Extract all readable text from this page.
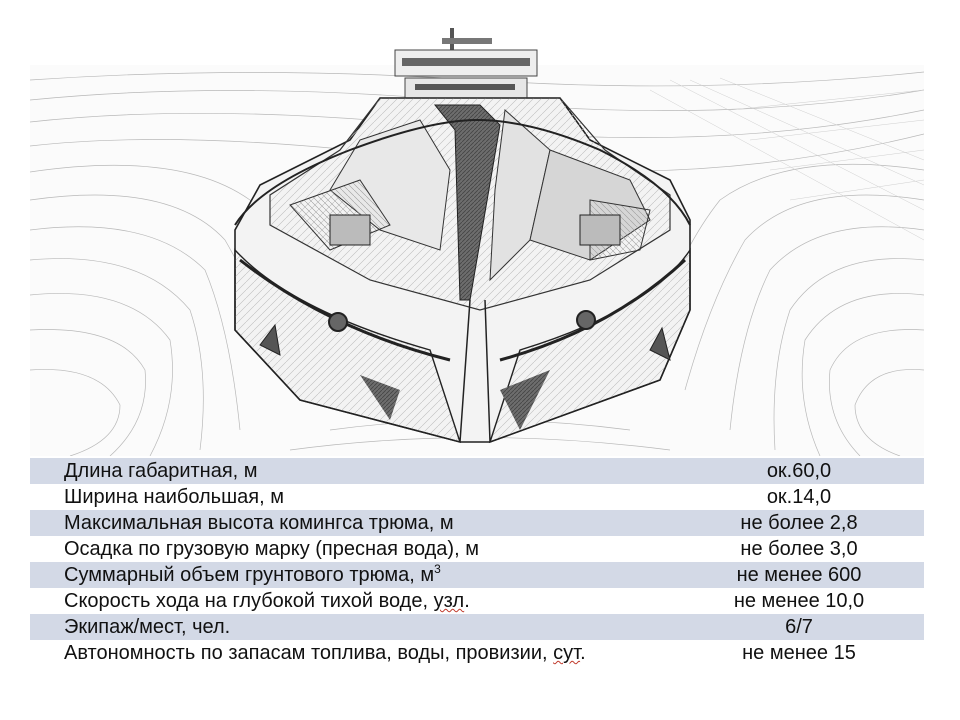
Длина габаритная, м	ок.60,0
Ширина наибольшая, м	ок.14,0
Максимальная высота комингса трюма, м	не более 2,8
Осадка по грузовую марку (пресная вода), м	не более 3,0
Суммарный объем грунтового трюма, $м^3$	не менее 600
Скорость хода на глубокой тихой воде, узл.	не менее 10,0
Экипаж/мест, чел.	6/7
Автономность по запасам топлива, воды, провизии, сут.	не менее 15
